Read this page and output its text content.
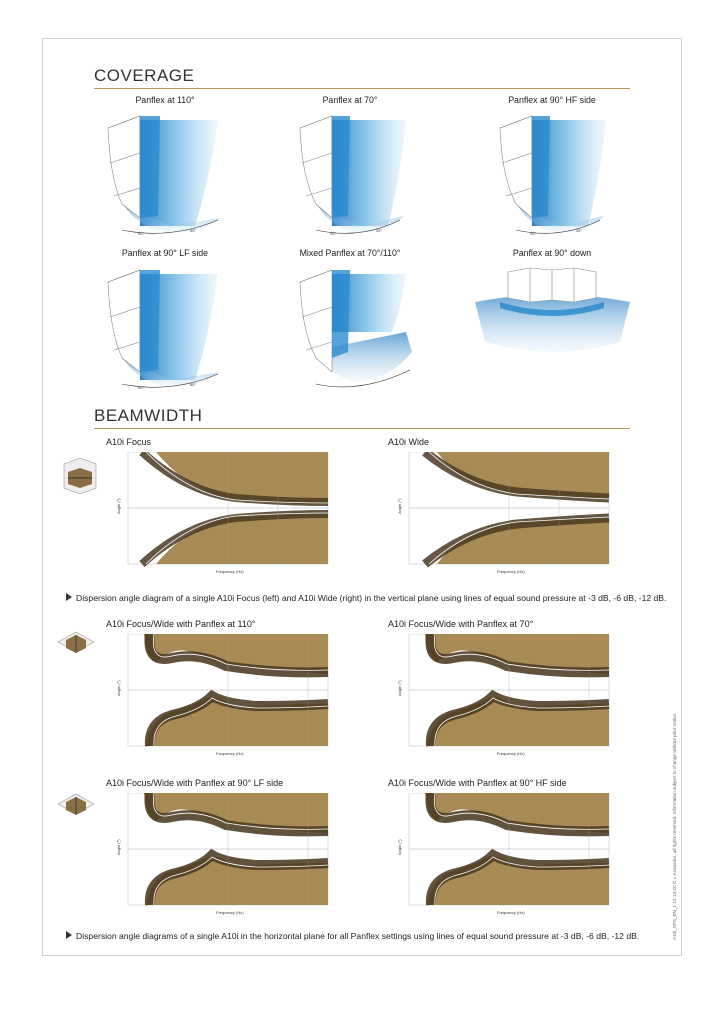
COVERAGE
Panflex at 110°	Panflex at 70°	Panflex at 90° HF side
Panflex at 90° LF side	Mixed Panflex at 70°/110°	Panflex at 90° down
BEAMWIDTH
A10i Focus	A10i Wide
Dispersion angle diagram of a single A10i Focus (left) and A10i Wide (right) in the vertical plane using lines of equal sound pressure at -3 dB, -6 dB, -12 dB.
A10i Focus/Wide with Panflex at 110°	A10i Focus/Wide with Panflex at 70°
A10i Focus/Wide with Panflex at 90° LF side	A10i Focus/Wide with Panflex at 90° HF side
Dispersion angle diagrams of a single A10i in the horizontal plane for all Panflex settings using lines of equal sound pressure at -3 dB, -6 dB, -12 dB.	A10i_SPS_EN_1 12-14-20 © L-Acoustics, all rights reserved. Information subject to change without prior notice.
